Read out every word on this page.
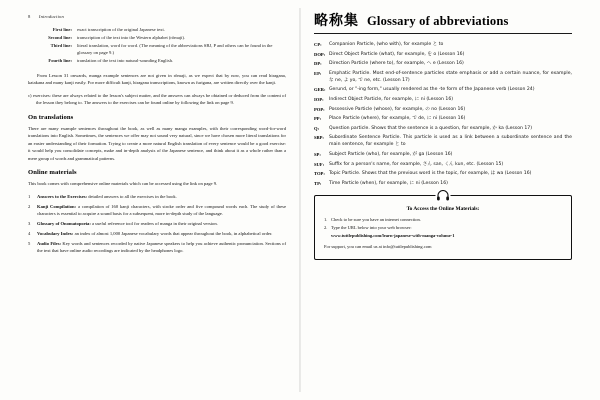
8 Introduction
First line:	exact transcription of the original Japanese text.
Second line:	transcription of the text into the Western alphabet (rōmaji).
Third line:	literal translation, word for word. (The meaning of the abbreviations SBJ, P and others can be found in the glossary on page 9.)
Fourth line:	translation of the text into natural-sounding English.

From Lesson 31 onwards, manga example sentences are not given in rōmaji, as we expect that by now, you can read hiragana, katakana and many kanji easily. For more difficult kanji, hiragana transcriptions, known as furigana, are written directly over the kanji.

c) exercises: these are always related to the lesson's subject matter, and the answers can always be obtained or deduced from the content of the lesson they belong to. The answers to the exercises can be found online by following the link on page 9.

On translations

There are many example sentences throughout the book, as well as many manga examples, with their corresponding word-for-word translations into English. Sometimes, the sentences we offer may not sound very natural, since we have chosen more literal translations for an easier understanding of their formation. Trying to create a more natural English translation of every sentence would be a good exercise: it would help you consolidate concepts, make and in-depth analysis of the Japanese sentence, and think about it as a whole rather than a mere group of words and grammatical patterns.

Online materials

This book comes with comprehensive online materials which can be accessed using the link on page 9.

1	Answers to the Exercises: detailed answers to all the exercises in the book.
2	Kanji Compilation: a compilation of 160 kanji characters, with stroke order and five compound words each. The study of these characters is essential to acquire a sound basis for a subsequent, more in-depth study of the language.
3	Glossary of Onomatopoeia: a useful reference tool for readers of manga in their original version.
4	Vocabulary Index: an index of almost 1,000 Japanese vocabulary words that appear throughout the book, in alphabetical order.
5	Audio Files: Key words and sentences recorded by native Japanese speakers to help you achieve authentic pronunciation. Sections of the text that have online audio recordings are indicated by the headphones logo.
略称集 Glossary of abbreviations
CP:	Companion Particle, (who with), for example と to
DOP: Direct Object Particle (what), for example, を o (Lesson 16)
DP:	Direction Particle (where to), for example, へ e (Lesson 16)
EP:	Emphatic Particle. Most end-of-sentence particles state emphasis or add a certain nuance, for example, な ne, よ yo, で ne, etc. (Lesson 17)
GER: Gerund, or "-ing form," usually rendered as the -te form of the Japanese verb (Lesson 24)
IOP:	Indirect Object Particle, for example, に ni (Lesson 16)
POP: Possessive Particle (whose), for example, の no (Lesson 16)
PP:	Place Particle (where), for example, で de, に ni (Lesson 16)
Q:	Question particle. Shows that the sentence is a question, for example, か ka (Lesson 17)
SBP:	Subordinate Sentence Particle. This particle is used as a link between a subordinate sentence and the main sentence, for example と to
SP:	Subject Particle (who), for example, が ga (Lesson 16)
SUF:	Suffix for a person's name, for example, さん san, くん kun, etc. (Lesson 15)
TOP: Topic Particle. Shows that the previous word is the topic, for example, は wa (Lesson 16)
TP:	Time Particle (when), for example, に ni (Lesson 16)
To Access the Online Materials:
1. Check to be sure you have an internet connection.
2. Type the URL below into your web browser:
www.tuttlepublishing.com/learn-japanese-with-manga-volume-1

For support, you can email us at info@tuttlepublishing.com
